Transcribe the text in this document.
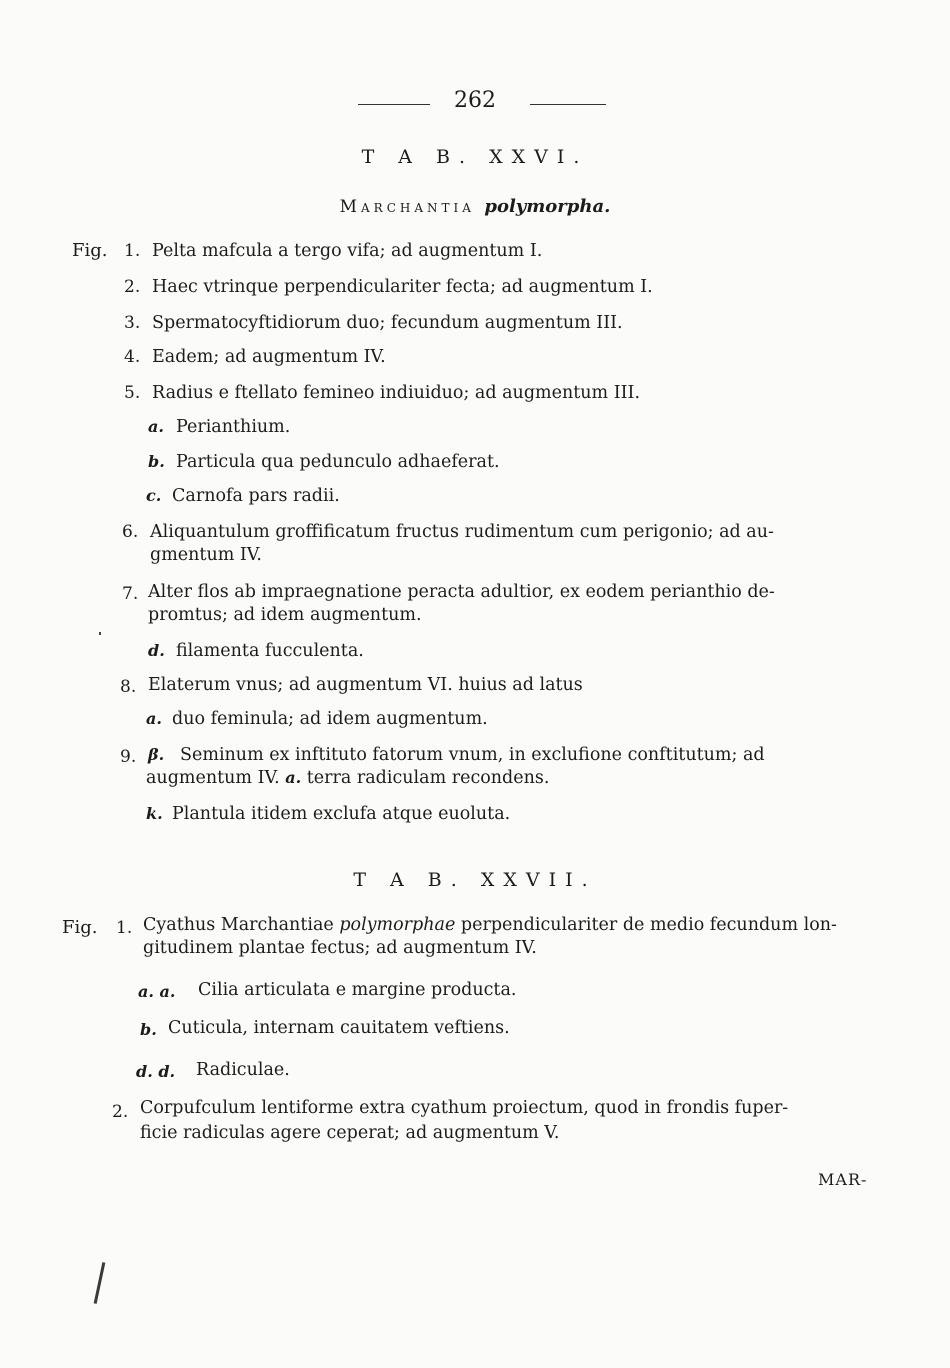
262
T A B. XXVI.
Marchantia polymorpha.
Fig. 1. Pelta mafcula a tergo vifa; ad augmentum I.
2. Haec vtrinque perpendiculariter fecta; ad augmentum I.
3. Spermatocyftidiorum duo; fecundum augmentum III.
4. Eadem; ad augmentum IV.
5. Radius e ftellato femineo indiuiduo; ad augmentum III.
a. Perianthium.
b. Particula qua pedunculo adhaeferat.
c. Carnofa pars radii.
6. Aliquantulum groffificatum fructus rudimentum cum perigonio; ad au-
gmentum IV.
7. Alter flos ab impraegnatione peracta adultior, ex eodem perianthio de-
promtus; ad idem augmentum.
d. filamenta fucculenta.
8. Elaterum vnus; ad augmentum VI. huius ad latus
a. duo feminula; ad idem augmentum.
9. β. Seminum ex inftituto fatorum vnum, in exclufione conftitutum; ad
augmentum IV. a. terra radiculam recondens.
k. Plantula itidem exclufa atque euoluta.
T A B. XXVII.
Fig. 1. Cyathus Marchantiae polymorphae perpendiculariter de medio fecundum lon-
gitudinem plantae fectus; ad augmentum IV.
a. a. Cilia articulata e margine producta.
b. Cuticula, internam cauitatem veftiens.
d. d. Radiculae.
2. Corpufculum lentiforme extra cyathum proiectum, quod in frondis fuper-
ficie radiculas agere ceperat; ad augmentum V.
MAR-
